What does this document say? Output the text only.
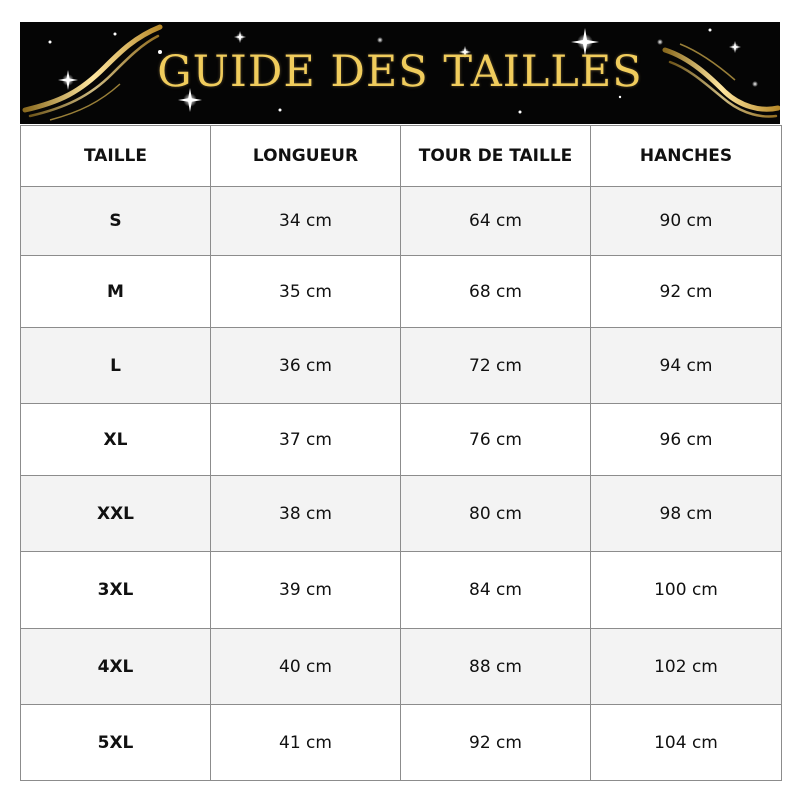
GUIDE DES TAILLES
TAILLE	LONGUEUR	TOUR DE TAILLE	HANCHES
S	34 cm	64 cm	90 cm
M	35 cm	68 cm	92 cm
L	36 cm	72 cm	94 cm
XL	37 cm	76 cm	96 cm
XXL	38 cm	80 cm	98 cm
3XL	39 cm	84 cm	100 cm
4XL	40 cm	88 cm	102 cm
5XL	41 cm	92 cm	104 cm
